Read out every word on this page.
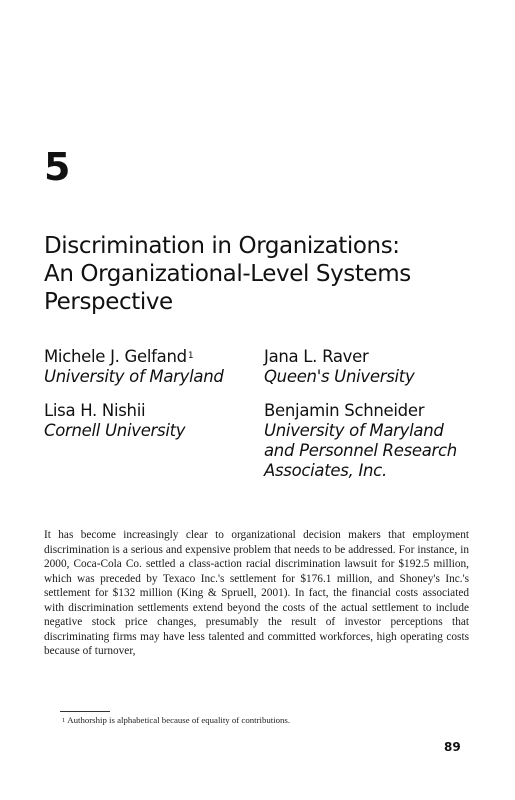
5
Discrimination in Organizations:
An Organizational-Level Systems
Perspective
Michele J. Gelfand$^1$
University of Maryland
Jana L. Raver
Queen's University
Lisa H. Nishii
Cornell University
Benjamin Schneider
University of Maryland
and Personnel Research
Associates, Inc.

It has become increasingly clear to organizational decision makers that employment discrimination is a serious and expensive problem that needs to be addressed. For instance, in 2000, Coca-Cola Co. settled a class-action racial discrimination lawsuit for $192.5 million, which was preceded by Texaco Inc.'s settlement for $176.1 million, and Shoney's Inc.'s settlement for $132 million (King & Spruell, 2001). In fact, the financial costs associated with discrimination settlements extend beyond the costs of the actual settlement to include negative stock price changes, presumably the result of investor perceptions that discriminating firms may have less talented and committed workforces, high operating costs because of turnover,

$^1$ Authorship is alphabetical because of equality of contributions.
89
